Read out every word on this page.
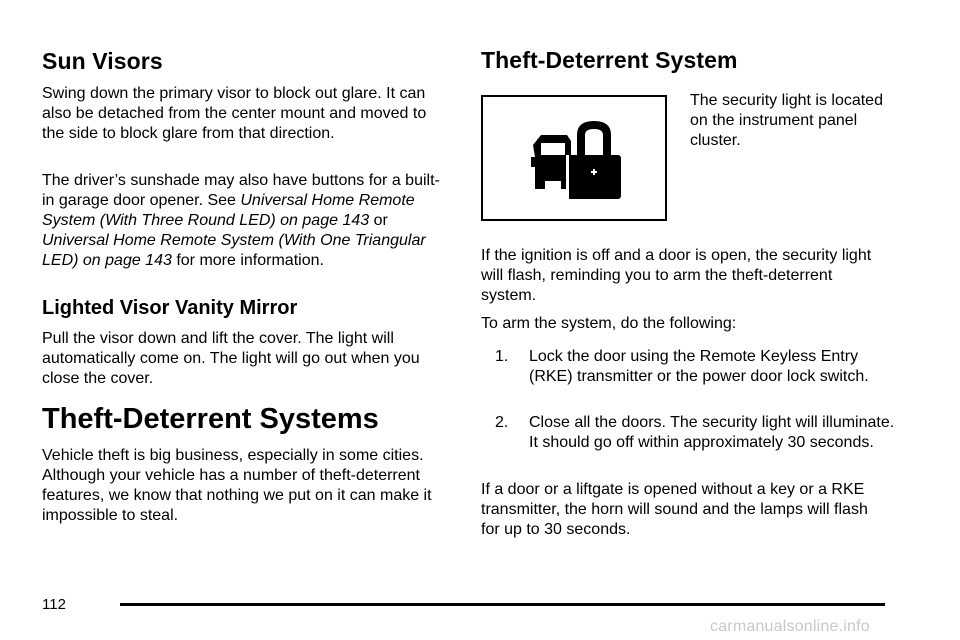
Sun Visors

Swing down the primary visor to block out glare. It can also be detached from the center mount and moved to the side to block glare from that direction.

The driver’s sunshade may also have buttons for a built-in garage door opener. See Universal Home Remote System (With Three Round LED) on page 143 or Universal Home Remote System (With One Triangular LED) on page 143 for more information.

Lighted Visor Vanity Mirror

Pull the visor down and lift the cover. The light will automatically come on. The light will go out when you close the cover.

Theft-Deterrent Systems

Vehicle theft is big business, especially in some cities. Although your vehicle has a number of theft-deterrent features, we know that nothing we put on it can make it impossible to steal.

Theft-Deterrent System

The security light is located on the instrument panel cluster.

If the ignition is off and a door is open, the security light will flash, reminding you to arm the theft-deterrent system.

To arm the system, do the following:

1. Lock the door using the Remote Keyless Entry (RKE) transmitter or the power door lock switch.
2. Close all the doors. The security light will illuminate. It should go off within approximately 30 seconds.

If a door or a liftgate is opened without a key or a RKE transmitter, the horn will sound and the lamps will flash for up to 30 seconds.

112
carmanualsonline.info
